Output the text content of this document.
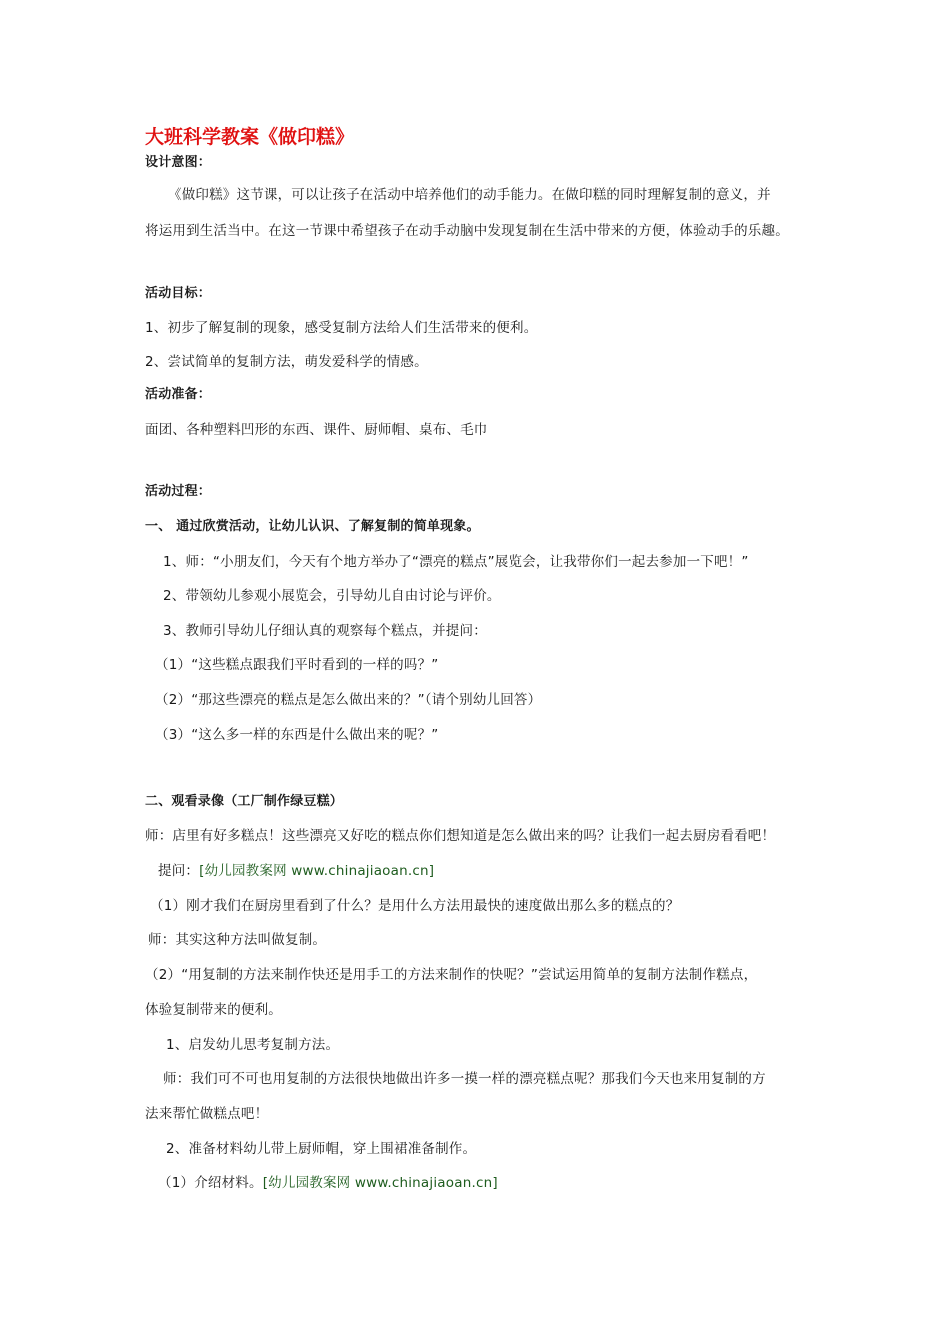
大班科学教案《做印糕》

设计意图：

《做印糕》这节课，可以让孩子在活动中培养他们的动手能力。在做印糕的同时理解复制的意义，并

将运用到生活当中。在这一节课中希望孩子在动手动脑中发现复制在生活中带来的方便，体验动手的乐趣。

活动目标：

1、初步了解复制的现象，感受复制方法给人们生活带来的便利。

2、尝试简单的复制方法，萌发爱科学的情感。

活动准备：

面团、各种塑料凹形的东西、课件、厨师帽、桌布、毛巾

活动过程：

一、 通过欣赏活动，让幼儿认识、了解复制的简单现象。

1、师：“小朋友们，今天有个地方举办了“漂亮的糕点”展览会，让我带你们一起去参加一下吧！”

2、带领幼儿参观小展览会，引导幼儿自由讨论与评价。

3、教师引导幼儿仔细认真的观察每个糕点，并提问：

（1）“这些糕点跟我们平时看到的一样的吗？”

（2）“那这些漂亮的糕点是怎么做出来的？”（请个别幼儿回答）

（3）“这么多一样的东西是什么做出来的呢？”

二、观看录像（工厂制作绿豆糕）

师：店里有好多糕点！这些漂亮又好吃的糕点你们想知道是怎么做出来的吗？让我们一起去厨房看看吧！

提问：[幼儿园教案网 www.chinajiaoan.cn]

（1）刚才我们在厨房里看到了什么？是用什么方法用最快的速度做出那么多的糕点的？

师：其实这种方法叫做复制。

（2）“用复制的方法来制作快还是用手工的方法来制作的快呢？”尝试运用简单的复制方法制作糕点，

体验复制带来的便利。

1、启发幼儿思考复制方法。

师：我们可不可也用复制的方法很快地做出许多一摸一样的漂亮糕点呢？那我们今天也来用复制的方

法来帮忙做糕点吧！

2、准备材料幼儿带上厨师帽，穿上围裙准备制作。

（1）介绍材料。[幼儿园教案网 www.chinajiaoan.cn]
